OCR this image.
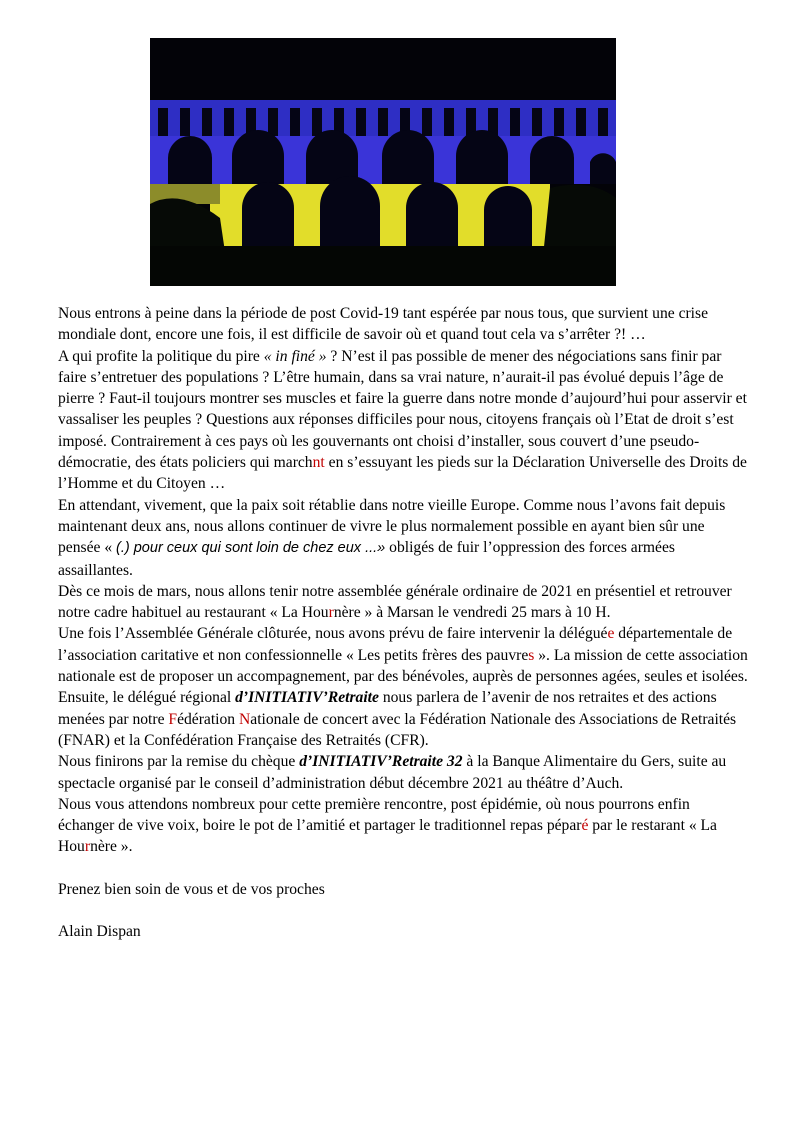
Nous entrons à peine dans la période de post Covid-19 tant espérée par nous tous, que survient une crise mondiale dont, encore une fois, il est difficile de savoir où et quand tout cela va s’arrêter ?! …

A qui profite la politique du pire « in finé » ? N’est il pas possible de mener des négociations sans finir par faire s’entretuer des populations ? L’être humain, dans sa vrai nature, n’aurait-il pas évolué depuis l’âge de pierre ? Faut-il toujours montrer ses muscles et faire la guerre dans notre monde d’aujourd’hui pour asservir et vassaliser les peuples ? Questions aux réponses difficiles pour nous, citoyens français où l’Etat de droit s’est imposé. Contrairement à ces pays où les gouvernants ont choisi d’installer, sous couvert d’une pseudo-démocratie, des états policiers qui marchnt en s’essuyant les pieds sur la Déclaration Universelle des Droits de l’Homme et du Citoyen …

En attendant, vivement, que la paix soit rétablie dans notre vieille Europe. Comme nous l’avons fait depuis maintenant deux ans, nous allons continuer de vivre le plus normalement possible en ayant bien sûr une pensée « (.) pour ceux qui sont loin de chez eux ...» obligés de fuir l’oppression des forces armées assaillantes.

Dès ce mois de mars, nous allons tenir notre assemblée générale ordinaire de 2021 en présentiel et retrouver notre cadre habituel au restaurant « La Hournère » à Marsan le vendredi 25 mars à 10 H.

Une fois l’Assemblée Générale clôturée, nous avons prévu de faire intervenir la déléguée départementale de l’association caritative et non confessionnelle « Les petits frères des pauvres ». La mission de cette association nationale est de proposer un accompagnement, par des bénévoles, auprès de personnes agées, seules et isolées.

Ensuite, le délégué régional d’INITIATIV’Retraite nous parlera de l’avenir de nos retraites et des actions menées par notre Fédération Nationale de concert avec la Fédération Nationale des Associations de Retraités (FNAR) et la Confédération Française des Retraités (CFR).

Nous finirons par la remise du chèque d’INITIATIV’Retraite 32 à la Banque Alimentaire du Gers, suite au spectacle organisé par le conseil d’administration début décembre 2021 au théâtre d’Auch.

Nous vous attendons nombreux pour cette première rencontre, post épidémie, où nous pourrons enfin échanger de vive voix, boire le pot de l’amitié et partager le traditionnel repas péparé par le restarant « La Hournère ».

Prenez bien soin de vous et de vos proches

Alain Dispan
